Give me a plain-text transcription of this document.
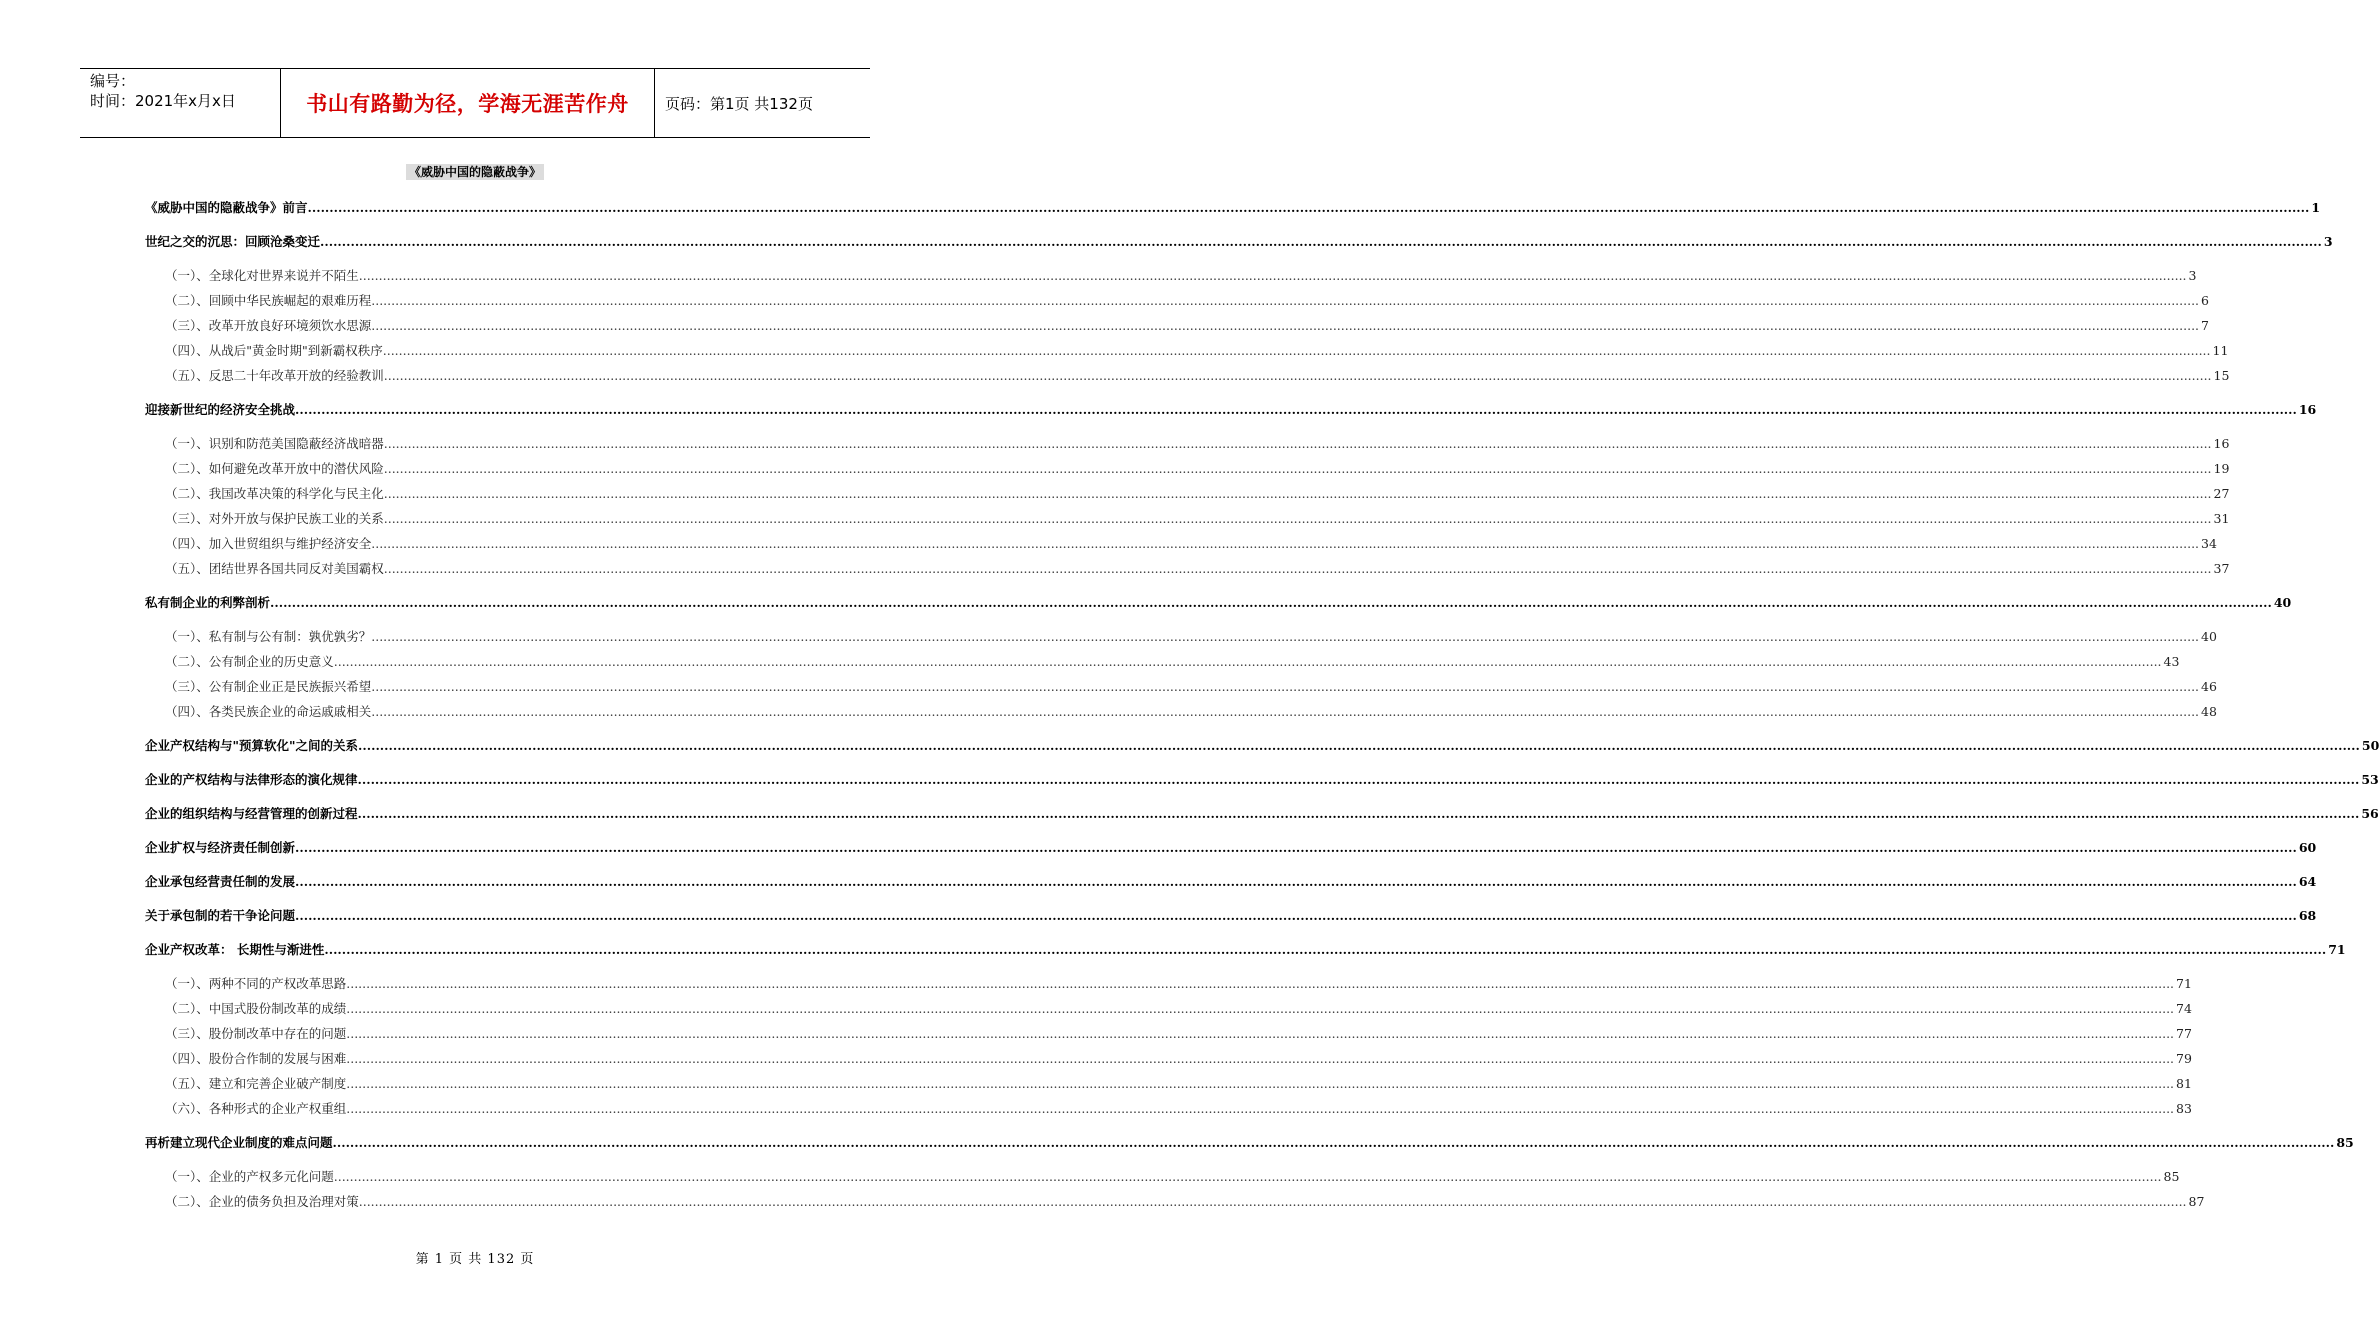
编号：
时间：2021年x月x日	书山有路勤为径，学海无涯苦作舟 页码：第1页 共132页
《威胁中国的隐蔽战争》
《威胁中国的隐蔽战争》前言 .....	1
世纪之交的沉思：回顾沧桑变迁 .....	3
（一）、全球化对世界来说并不陌生 .....	3
（二）、回顾中华民族崛起的艰难历程 .....	6
（三）、改革开放良好环境须饮水思源 .....	7
（四）、从战后"黄金时期"到新霸权秩序 .....	11
（五）、反思二十年改革开放的经验教训 .....	15
迎接新世纪的经济安全挑战 .....	16
（一）、识别和防范美国隐蔽经济战暗器 .....	16
（二）、如何避免改革开放中的潜伏风险 .....	19
（二）、我国改革决策的科学化与民主化 .....	27
（三）、对外开放与保护民族工业的关系 .....	31
（四）、加入世贸组织与维护经济安全 .....	34
（五）、团结世界各国共同反对美国霸权 .....	37
私有制企业的利弊剖析 .....	40
（一）、私有制与公有制：孰优孰劣？ .....	40
（二）、公有制企业的历史意义 .....	43
（三）、公有制企业正是民族振兴希望 .....	46
（四）、各类民族企业的命运戚戚相关 .....	48
企业产权结构与"预算软化"之间的关系 .....	50
企业的产权结构与法律形态的演化规律 .....	53
企业的组织结构与经营管理的创新过程 .....	56
企业扩权与经济责任制创新 .....	60
企业承包经营责任制的发展 .....	64
关于承包制的若干争论问题 .....	68
企业产权改革： 长期性与渐进性 .....	71
（一）、两种不同的产权改革思路 .....	71
（二）、中国式股份制改革的成绩 .....	74
（三）、股份制改革中存在的问题 .....	77
（四）、股份合作制的发展与困难 .....	79
（五）、建立和完善企业破产制度 .....	81
（六）、各种形式的企业产权重组 .....	83
再析建立现代企业制度的难点问题 .....	85
（一）、企业的产权多元化问题 .....	85
（二）、企业的债务负担及治理对策 .....	87
第 1 页 共 132 页
